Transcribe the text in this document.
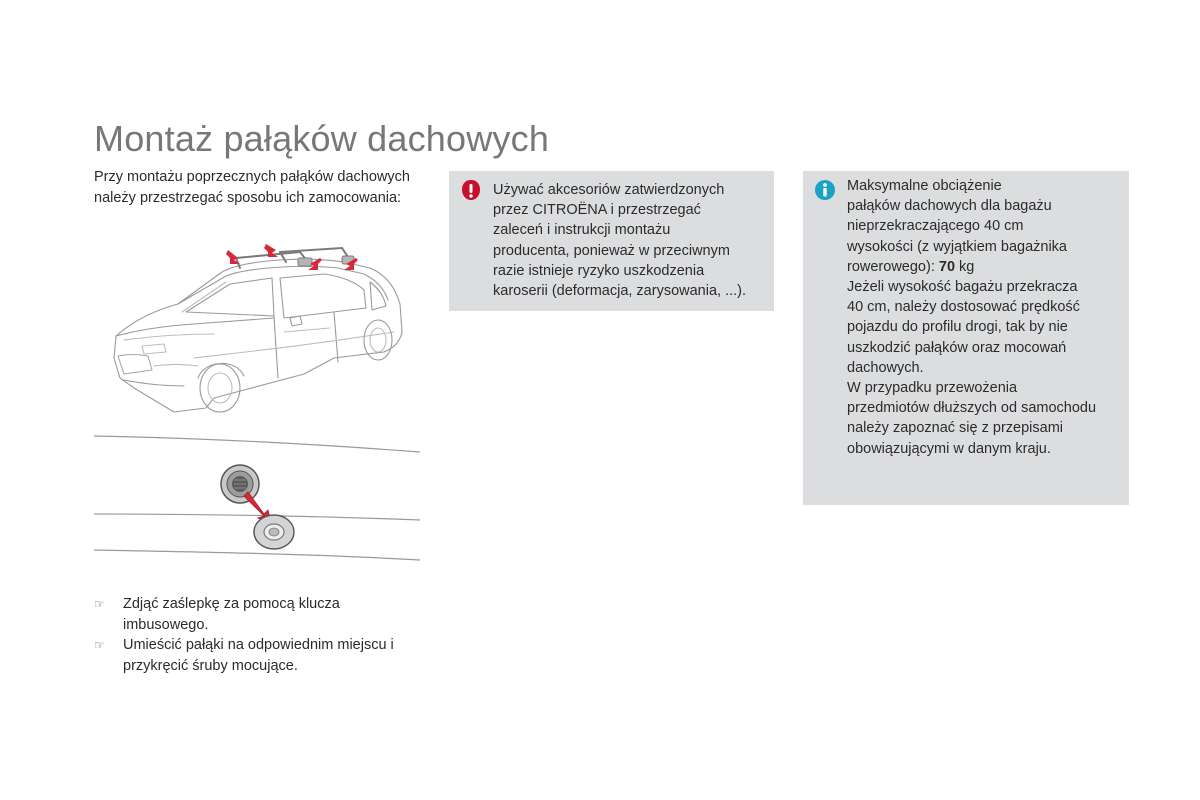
Montaż pałąków dachowych

Przy montażu poprzecznych pałąków dachowych należy przestrzegać sposobu ich zamocowania:

☞ Zdjąć zaślepkę za pomocą klucza imbusowego.
☞ Umieścić pałąki na odpowiednim miejscu i przykręcić śruby mocujące.

Używać akcesoriów zatwierdzonych

przez CITROËNA i przestrzegać

zaleceń i instrukcji montażu

producenta, ponieważ w przeciwnym

razie istnieje ryzyko uszkodzenia

karoserii (deformacja, zarysowania, ...).

Maksymalne obciążenie

pałąków dachowych dla bagażu

nieprzekraczającego 40 cm

wysokości (z wyjątkiem bagażnika

rowerowego): 70 kg

Jeżeli wysokość bagażu przekracza

40 cm, należy dostosować prędkość

pojazdu do profilu drogi, tak by nie

uszkodzić pałąków oraz mocowań

dachowych.

W przypadku przewożenia

przedmiotów dłuższych od samochodu

należy zapoznać się z przepisami

obowiązującymi w danym kraju.
